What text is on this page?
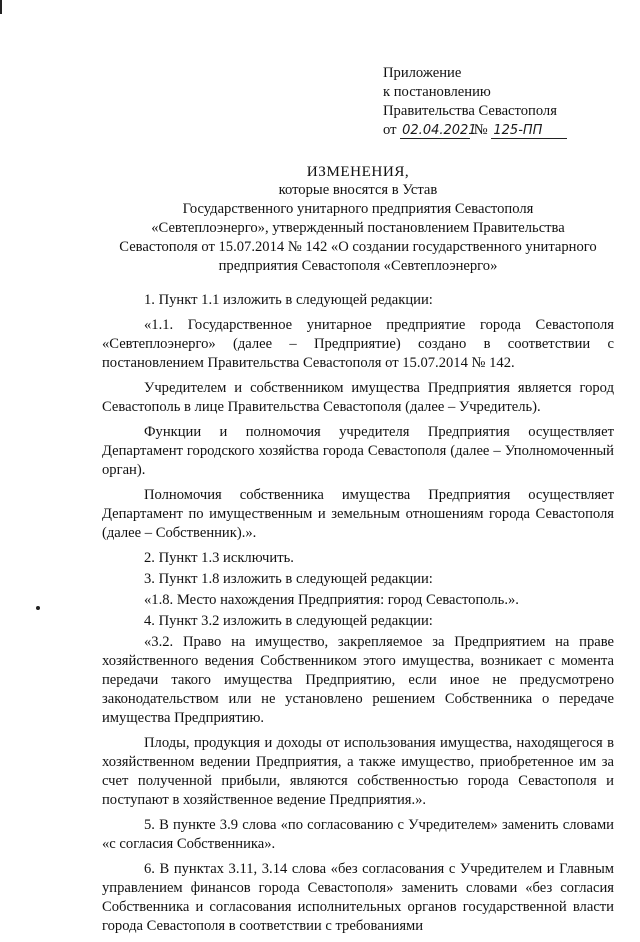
Приложение
к постановлению
Правительства Севастополя
от 02.04.2021 № 125-ПП
ИЗМЕНЕНИЯ,
которые вносятся в Устав
Государственного унитарного предприятия Севастополя
«Севтеплоэнерго», утвержденный постановлением Правительства
Севастополя от 15.07.2014 № 142 «О создании государственного унитарного
предприятия Севастополя «Севтеплоэнерго»

1. Пункт 1.1 изложить в следующей редакции:

«1.1. Государственное унитарное предприятие города Севастополя «Севтеплоэнерго» (далее – Предприятие) создано в соответствии с постановлением Правительства Севастополя от 15.07.2014 № 142.

Учредителем и собственником имущества Предприятия является город Севастополь в лице Правительства Севастополя (далее – Учредитель).

Функции и полномочия учредителя Предприятия осуществляет Департамент городского хозяйства города Севастополя (далее – Уполномоченный орган).

Полномочия собственника имущества Предприятия осуществляет Департамент по имущественным и земельным отношениям города Севастополя (далее – Собственник).».

2. Пункт 1.3 исключить.

3. Пункт 1.8 изложить в следующей редакции:

«1.8. Место нахождения Предприятия: город Севастополь.».

4. Пункт 3.2 изложить в следующей редакции:

«3.2. Право на имущество, закрепляемое за Предприятием на праве хозяйственного ведения Собственником этого имущества, возникает с момента передачи такого имущества Предприятию, если иное не предусмотрено законодательством или не установлено решением Собственника о передаче имущества Предприятию.

Плоды, продукция и доходы от использования имущества, находящегося в хозяйственном ведении Предприятия, а также имущество, приобретенное им за счет полученной прибыли, являются собственностью города Севастополя и поступают в хозяйственное ведение Предприятия.».

5. В пункте 3.9 слова «по согласованию с Учредителем» заменить словами «с согласия Собственника».

6. В пунктах 3.11, 3.14 слова «без согласования с Учредителем и Главным управлением финансов города Севастополя» заменить словами «без согласия Собственника и согласования исполнительных органов государственной власти города Севастополя в соответствии с требованиями
